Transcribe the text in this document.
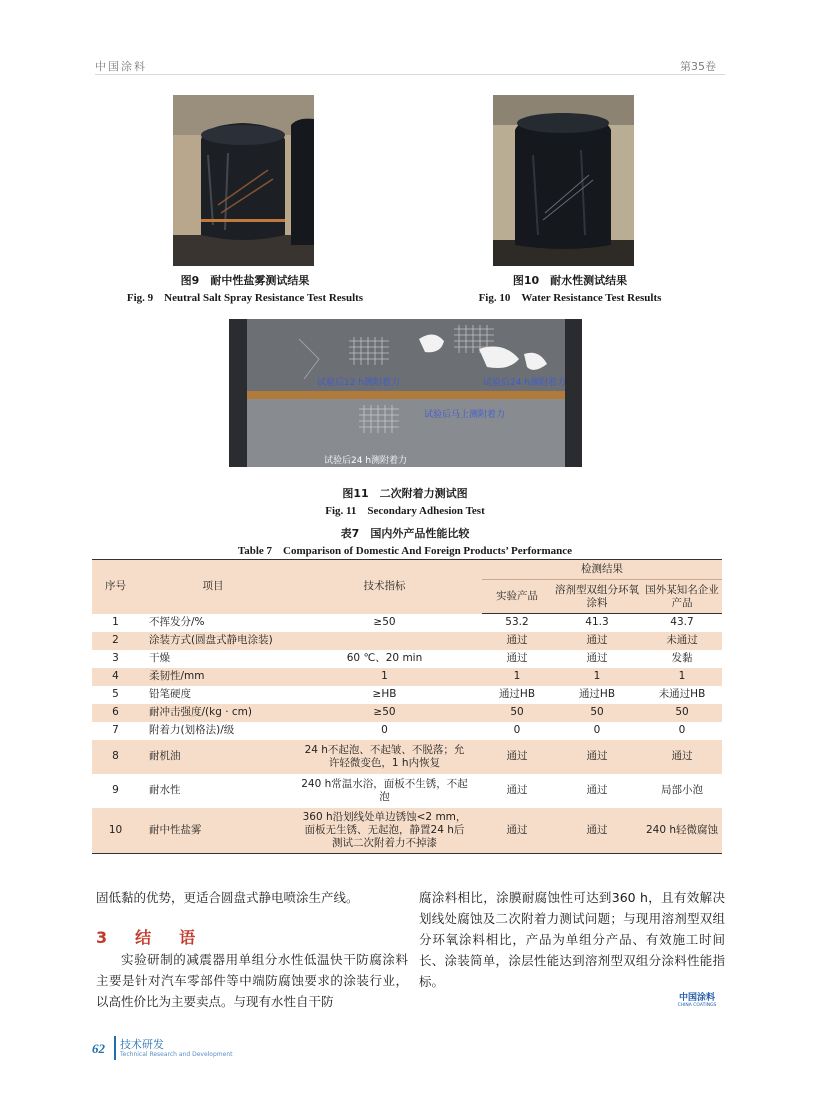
中国涂料	第35卷
图9　耐中性盐雾测试结果
Fig. 9　Neutral Salt Spray Resistance Test Results
图10　耐水性测试结果
Fig. 10　Water Resistance Test Results
试验后12 h测附着力	试验后24 h测附着力
试验后马上测附着力
试验后24 h测附着力
图11　二次附着力测试图
Fig. 11　Secondary Adhesion Test
表7　国内外产品性能比较
Table 7　Comparison of Domestic And Foreign Products’ Performance
序号	项目	技术指标	检测结果		
			实验产品	溶剂型双组分环氧涂料	国外某知名企业产品
1	不挥发分/%	≥50	53.2	41.3	43.7
2	涂装方式(圆盘式静电涂装)		通过	通过	未通过
3	干燥	60 ℃、20 min	通过	通过	发黏
4	柔韧性/mm	1	1	1	1
5	铅笔硬度	≥HB	通过HB	通过HB	未通过HB
6	耐冲击强度/(kg · cm)	≥50	50	50	50
7	附着力(划格法)/级	0	0	0	0
8	耐机油	24 h不起泡、不起皱、不脱落；允许轻微变色，1 h内恢复	通过	通过	通过
9	耐水性	240 h常温水浴，面板不生锈，不起泡	通过	通过	局部小泡
10	耐中性盐雾	360 h沿划线处单边锈蚀<2 mm，面板无生锈、无起泡，静置24 h后测试二次附着力不掉漆	通过	通过	240 h轻微腐蚀
固低黏的优势，更适合圆盘式静电喷涂生产线。
3　结　语
实验研制的减震器用单组分水性低温快干防腐涂料主要是针对汽车零部件等中端防腐蚀要求的涂装行业，以高性价比为主要卖点。与现有水性自干防
腐涂料相比，涂膜耐腐蚀性可达到360 h，且有效解决划线处腐蚀及二次附着力测试问题；与现用溶剂型双组分环氧涂料相比，产品为单组分产品、有效施工时间长、涂装简单，涂层性能达到溶剂型双组分涂料性能指标。
中国涂料
CHINA COATINGS
62 技术研发
Technical Research and Development
